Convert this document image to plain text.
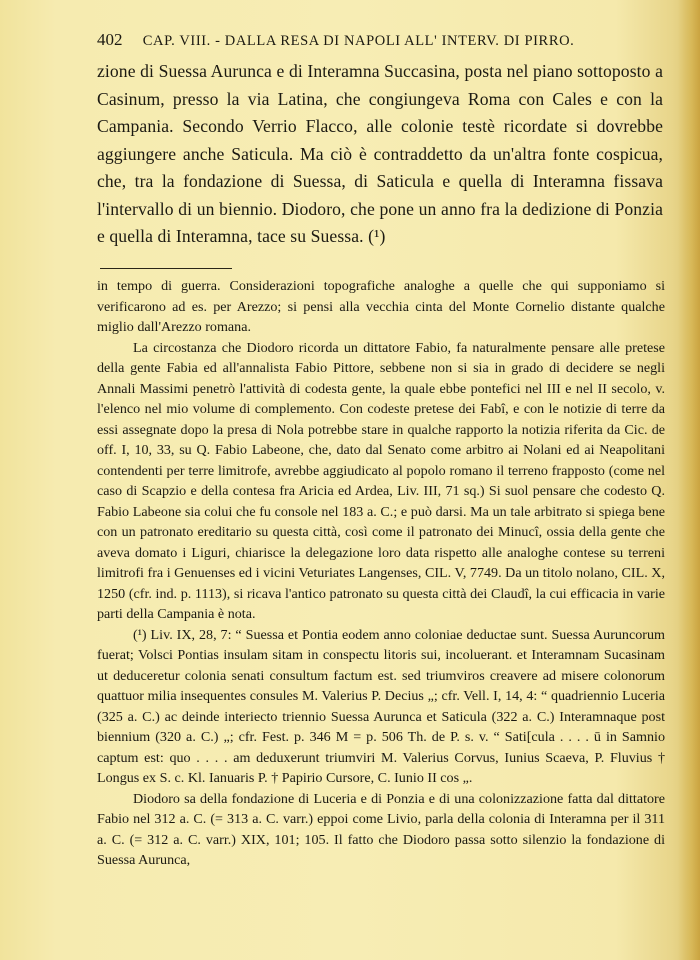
402 CAP. VIII. - DALLA RESA DI NAPOLI ALL' INTERV. DI PIRRO.
zione di Suessa Aurunca e di Interamna Succasina, posta nel piano sottoposto a Casinum, presso la via Latina, che congiungeva Roma con Cales e con la Campania. Secondo Verrio Flacco, alle colonie testè ricordate si dovrebbe aggiungere anche Saticula. Ma ciò è contraddetto da un'altra fonte cospicua, che, tra la fondazione di Suessa, di Saticula e quella di Interamna fissava l'intervallo di un biennio. Diodoro, che pone un anno fra la dedizione di Ponzia e quella di Interamna, tace su Suessa. (¹)

in tempo di guerra. Considerazioni topografiche analoghe a quelle che qui supponiamo si verificarono ad es. per Arezzo; si pensi alla vecchia cinta del Monte Cornelio distante qualche miglio dall'Arezzo romana.

La circostanza che Diodoro ricorda un dittatore Fabio, fa naturalmente pensare alle pretese della gente Fabia ed all'annalista Fabio Pittore, sebbene non si sia in grado di decidere se negli Annali Massimi penetrò l'attività di codesta gente, la quale ebbe pontefici nel III e nel II secolo, v. l'elenco nel mio volume di complemento. Con codeste pretese dei Fabî, e con le notizie di terre da essi assegnate dopo la presa di Nola potrebbe stare in qualche rapporto la notizia riferita da Cic. de off. I, 10, 33, su Q. Fabio Labeone, che, dato dal Senato come arbitro ai Nolani ed ai Neapolitani contendenti per terre limitrofe, avrebbe aggiudicato al popolo romano il terreno frapposto (come nel caso di Scapzio e della contesa fra Aricia ed Ardea, Liv. III, 71 sq.) Si suol pensare che codesto Q. Fabio Labeone sia colui che fu console nel 183 a. C.; e può darsi. Ma un tale arbitrato si spiega bene con un patronato ereditario su questa città, così come il patronato dei Minucî, ossia della gente che aveva domato i Liguri, chiarisce la delegazione loro data rispetto alle analoghe contese su terreni limitrofi fra i Genuenses ed i vicini Veturiates Langenses, CIL. V, 7749. Da un titolo nolano, CIL. X, 1250 (cfr. ind. p. 1113), si ricava l'antico patronato su questa città dei Claudî, la cui efficacia in varie parti della Campania è nota.

(¹) Liv. IX, 28, 7: “ Suessa et Pontia eodem anno coloniae deductae sunt. Suessa Auruncorum fuerat; Volsci Pontias insulam sitam in conspectu litoris sui, incoluerant. et Interamnam Sucasinam ut deduceretur colonia senati consultum factum est. sed triumviros creavere ad misere colonorum quattuor milia insequentes consules M. Valerius P. Decius „; cfr. Vell. I, 14, 4: “ quadriennio Luceria (325 a. C.) ac deinde interiecto triennio Suessa Aurunca et Saticula (322 a. C.) Interamnaque post biennium (320 a. C.) „; cfr. Fest. p. 346 M = p. 506 Th. de P. s. v. “ Sati[cula . . . . ū in Samnio captum est: quo . . . . am deduxerunt triumviri M. Valerius Corvus, Iunius Scaeva, P. Fluvius † Longus ex S. c. Kl. Ianuaris P. † Papirio Cursore, C. Iunio II cos „.

Diodoro sa della fondazione di Luceria e di Ponzia e di una colonizzazione fatta dal dittatore Fabio nel 312 a. C. (= 313 a. C. varr.) eppoi come Livio, parla della colonia di Interamna per il 311 a. C. (= 312 a. C. varr.) XIX, 101; 105. Il fatto che Diodoro passa sotto silenzio la fondazione di Suessa Aurunca,
